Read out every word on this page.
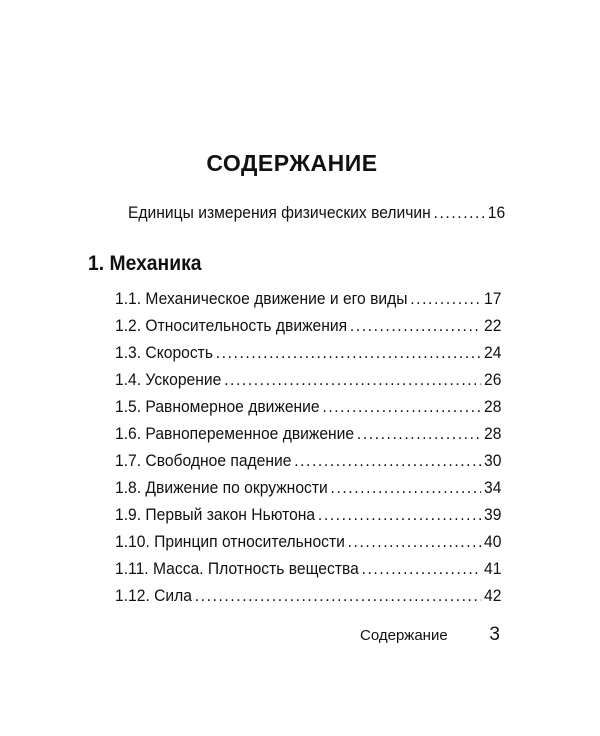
СОДЕРЖАНИЕ
Единицы измерения физических величин . . .	16
1. Механика
1.1. Механическое движение и его виды . . .	17
1.2. Относительность движения . . .	22
1.3. Скорость . . .	24
1.4. Ускорение . . .	26
1.5. Равномерное движение . . .	28
1.6. Равнопеременное движение . . .	28
1.7. Свободное падение . . .	30
1.8. Движение по окружности . . .	34
1.9. Первый закон Ньютона . . .	39
1.10. Принцип относительности . . .	40
1.11. Масса. Плотность вещества . . .	41
1.12. Сила . . .	42
Содержание 3
